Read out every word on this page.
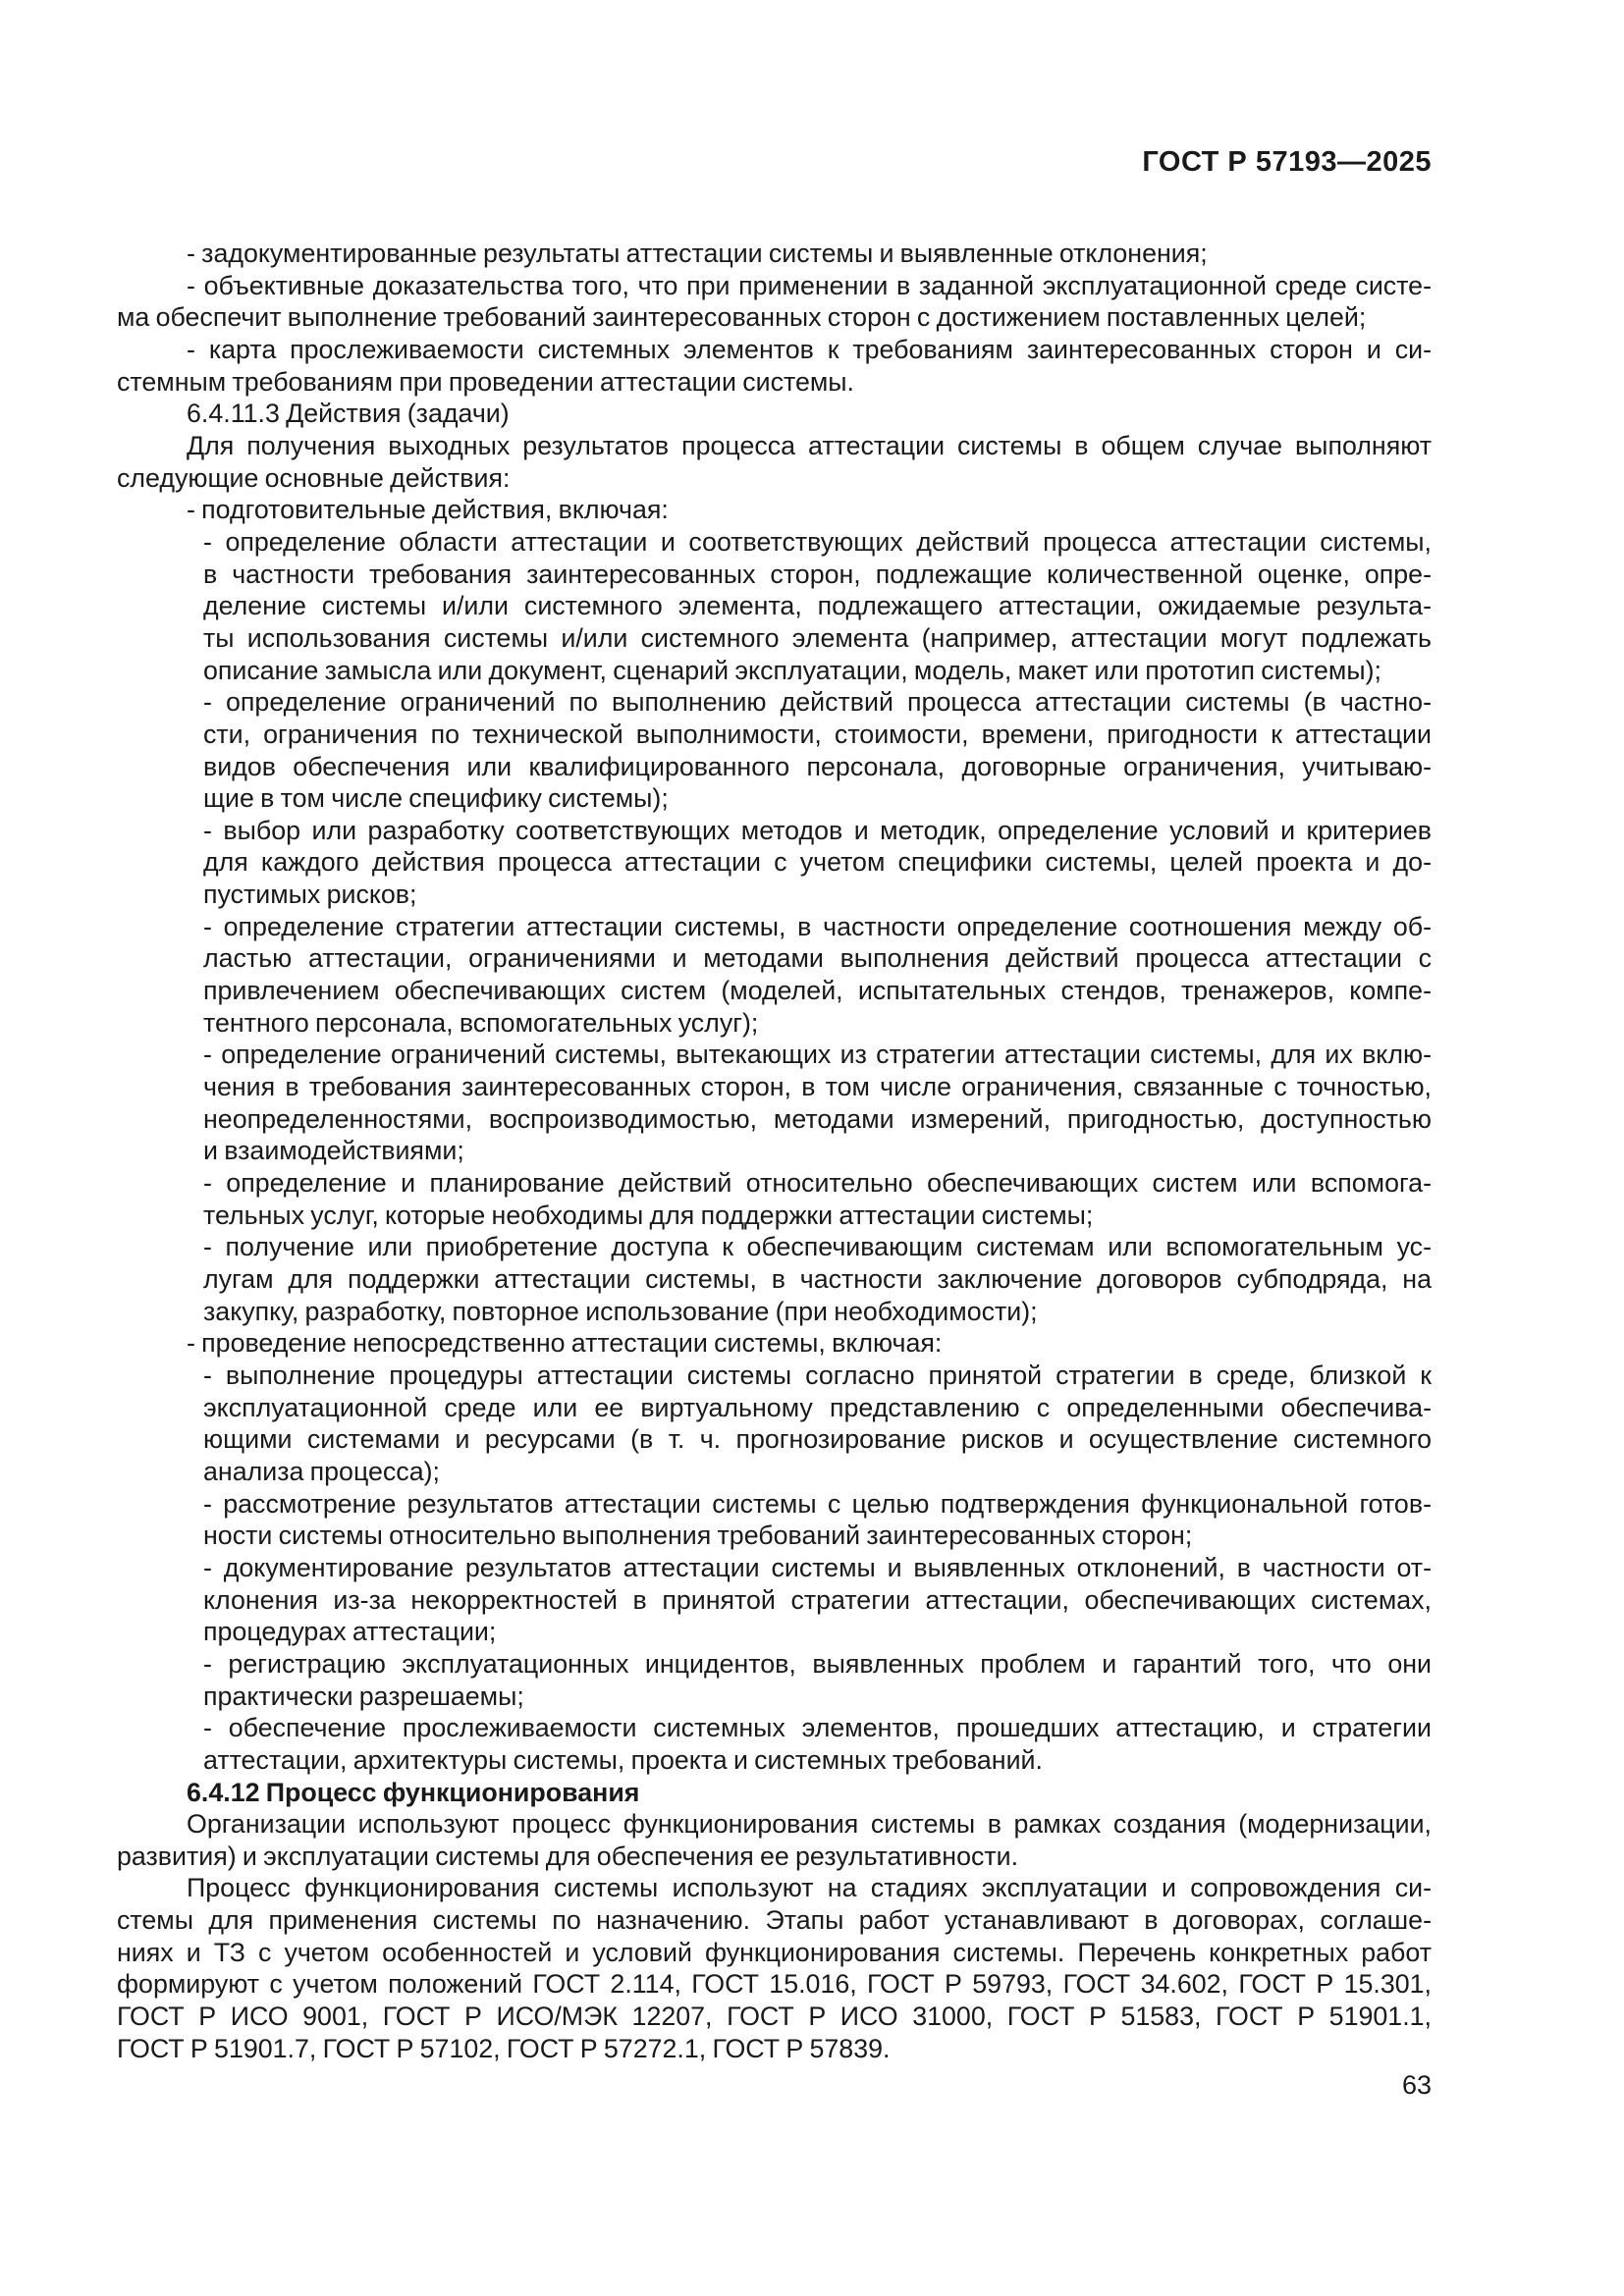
ГОСТ Р 57193—2025
- задокументированные результаты аттестации системы и выявленные отклонения;
- объективные доказательства того, что при применении в заданной эксплуатационной среде систе-
ма обеспечит выполнение требований заинтересованных сторон с достижением поставленных целей;
- карта прослеживаемости системных элементов к требованиям заинтересованных сторон и си-
стемным требованиям при проведении аттестации системы.
6.4.11.3 Действия (задачи)
Для получения выходных результатов процесса аттестации системы в общем случае выполняют
следующие основные действия:
- подготовительные действия, включая:
- определение области аттестации и соответствующих действий процесса аттестации системы,
в частности требования заинтересованных сторон, подлежащие количественной оценке, опре-
деление системы и/или системного элемента, подлежащего аттестации, ожидаемые результа-
ты использования системы и/или системного элемента (например, аттестации могут подлежать
описание замысла или документ, сценарий эксплуатации, модель, макет или прототип системы);
- определение ограничений по выполнению действий процесса аттестации системы (в частно-
сти, ограничения по технической выполнимости, стоимости, времени, пригодности к аттестации
видов обеспечения или квалифицированного персонала, договорные ограничения, учитываю-
щие в том числе специфику системы);
- выбор или разработку соответствующих методов и методик, определение условий и критериев
для каждого действия процесса аттестации с учетом специфики системы, целей проекта и до-
пустимых рисков;
- определение стратегии аттестации системы, в частности определение соотношения между об-
ластью аттестации, ограничениями и методами выполнения действий процесса аттестации с
привлечением обеспечивающих систем (моделей, испытательных стендов, тренажеров, компе-
тентного персонала, вспомогательных услуг);
- определение ограничений системы, вытекающих из стратегии аттестации системы, для их вклю-
чения в требования заинтересованных сторон, в том числе ограничения, связанные с точностью,
неопределенностями, воспроизводимостью, методами измерений, пригодностью, доступностью
и взаимодействиями;
- определение и планирование действий относительно обеспечивающих систем или вспомога-
тельных услуг, которые необходимы для поддержки аттестации системы;
- получение или приобретение доступа к обеспечивающим системам или вспомогательным ус-
лугам для поддержки аттестации системы, в частности заключение договоров субподряда, на
закупку, разработку, повторное использование (при необходимости);
- проведение непосредственно аттестации системы, включая:
- выполнение процедуры аттестации системы согласно принятой стратегии в среде, близкой к
эксплуатационной среде или ее виртуальному представлению с определенными обеспечива-
ющими системами и ресурсами (в т. ч. прогнозирование рисков и осуществление системного
анализа процесса);
- рассмотрение результатов аттестации системы с целью подтверждения функциональной готов-
ности системы относительно выполнения требований заинтересованных сторон;
- документирование результатов аттестации системы и выявленных отклонений, в частности от-
клонения из-за некорректностей в принятой стратегии аттестации, обеспечивающих системах,
процедурах аттестации;
- регистрацию эксплуатационных инцидентов, выявленных проблем и гарантий того, что они
практически разрешаемы;
- обеспечение прослеживаемости системных элементов, прошедших аттестацию, и стратегии
аттестации, архитектуры системы, проекта и системных требований.
6.4.12 Процесс функционирования
Организации используют процесс функционирования системы в рамках создания (модернизации,
развития) и эксплуатации системы для обеспечения ее результативности.
Процесс функционирования системы используют на стадиях эксплуатации и сопровождения си-
стемы для применения системы по назначению. Этапы работ устанавливают в договорах, соглаше-
ниях и ТЗ с учетом особенностей и условий функционирования системы. Перечень конкретных работ
формируют с учетом положений ГОСТ 2.114, ГОСТ 15.016, ГОСТ Р 59793, ГОСТ 34.602, ГОСТ Р 15.301,
ГОСТ Р ИСО 9001, ГОСТ Р ИСО/МЭК 12207, ГОСТ Р ИСО 31000, ГОСТ Р 51583, ГОСТ Р 51901.1,
ГОСТ Р 51901.7, ГОСТ Р 57102, ГОСТ Р 57272.1, ГОСТ Р 57839.
63
